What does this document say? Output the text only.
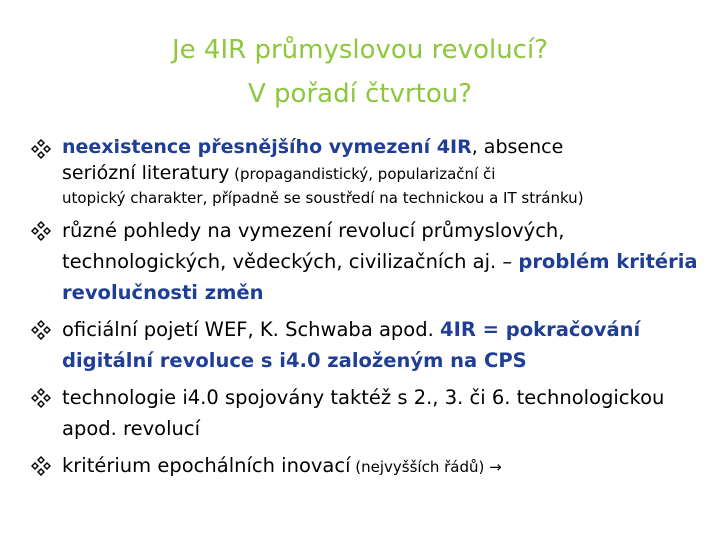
Je 4IR průmyslovou revolucí?
V pořadí čtvrtou?
neexistence přesnějšího vymezení 4IR, absence
seriózní literatury (propagandistický, popularizační či
utopický charakter, případně se soustředí na technickou a IT stránku)
různé pohledy na vymezení revolucí průmyslových, technologických, vědeckých, civilizačních aj. – problém kritéria revolučnosti změn
oficiální pojetí WEF, K. Schwaba apod. 4IR = pokračování digitální revoluce s i4.0 založeným na CPS
technologie i4.0 spojovány taktéž s 2., 3. či 6. technologickou apod. revolucí
kritérium epochálních inovací (nejvyšších řádů) →
